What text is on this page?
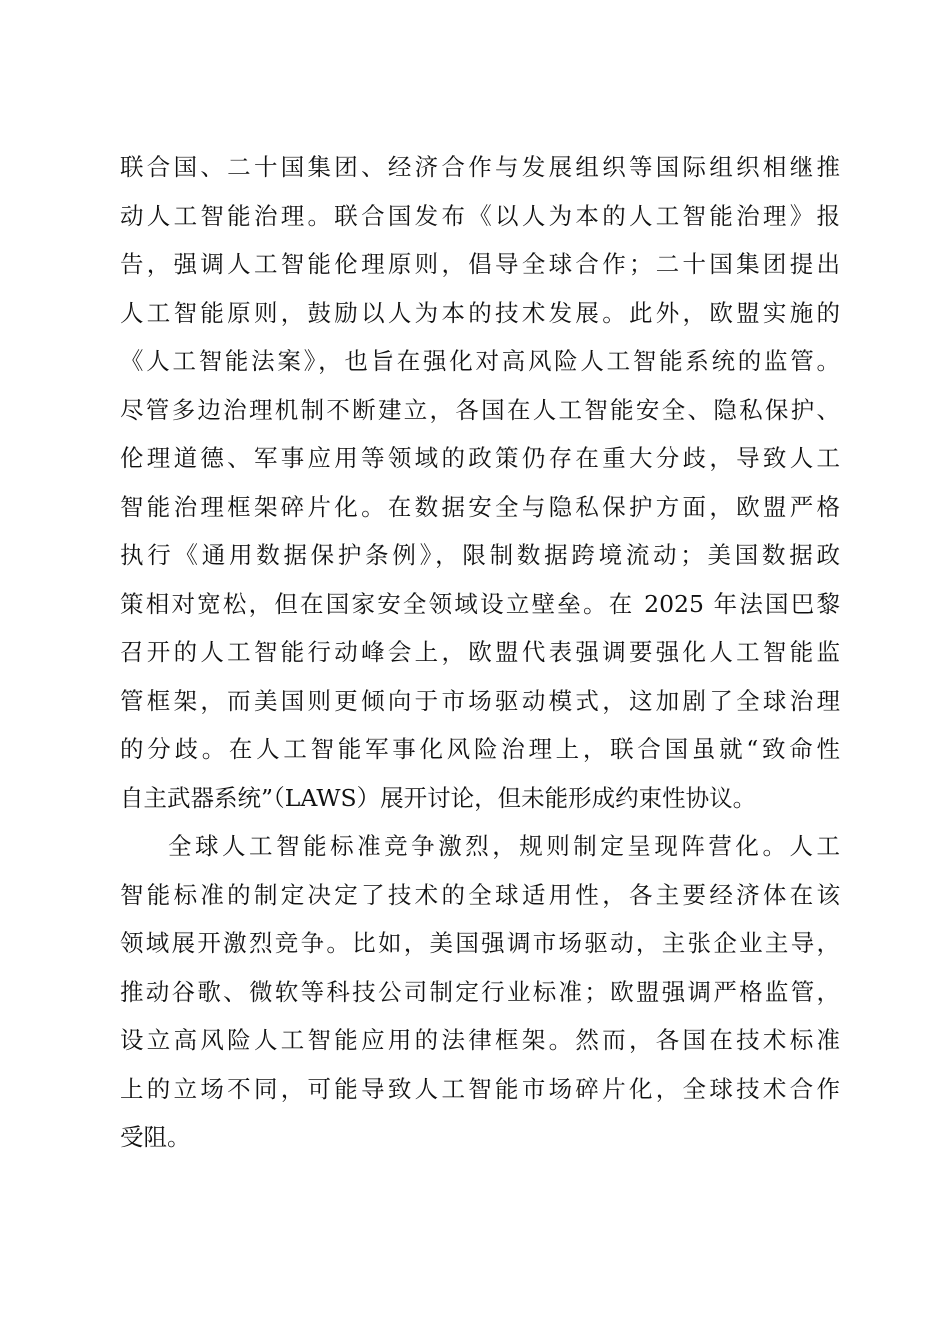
联合国、二十国集团、经济合作与发展组织等国际组织相继推
动人工智能治理。联合国发布《以人为本的人工智能治理》报
告，强调人工智能伦理原则，倡导全球合作；二十国集团提出
人工智能原则，鼓励以人为本的技术发展。此外，欧盟实施的
《人工智能法案》，也旨在强化对高风险人工智能系统的监管。
尽管多边治理机制不断建立，各国在人工智能安全、隐私保护、
伦理道德、军事应用等领域的政策仍存在重大分歧，导致人工
智能治理框架碎片化。在数据安全与隐私保护方面，欧盟严格
执行《通用数据保护条例》，限制数据跨境流动；美国数据政
策相对宽松，但在国家安全领域设立壁垒。在 2025 年法国巴黎
召开的人工智能行动峰会上，欧盟代表强调要强化人工智能监
管框架，而美国则更倾向于市场驱动模式，这加剧了全球治理
的分歧。在人工智能军事化风险治理上，联合国虽就“致命性
自主武器系统”（LAWS）展开讨论，但未能形成约束性协议。
全球人工智能标准竞争激烈，规则制定呈现阵营化。人工
智能标准的制定决定了技术的全球适用性，各主要经济体在该
领域展开激烈竞争。比如，美国强调市场驱动，主张企业主导，
推动谷歌、微软等科技公司制定行业标准；欧盟强调严格监管，
设立高风险人工智能应用的法律框架。然而，各国在技术标准
上的立场不同，可能导致人工智能市场碎片化，全球技术合作
受阻。
